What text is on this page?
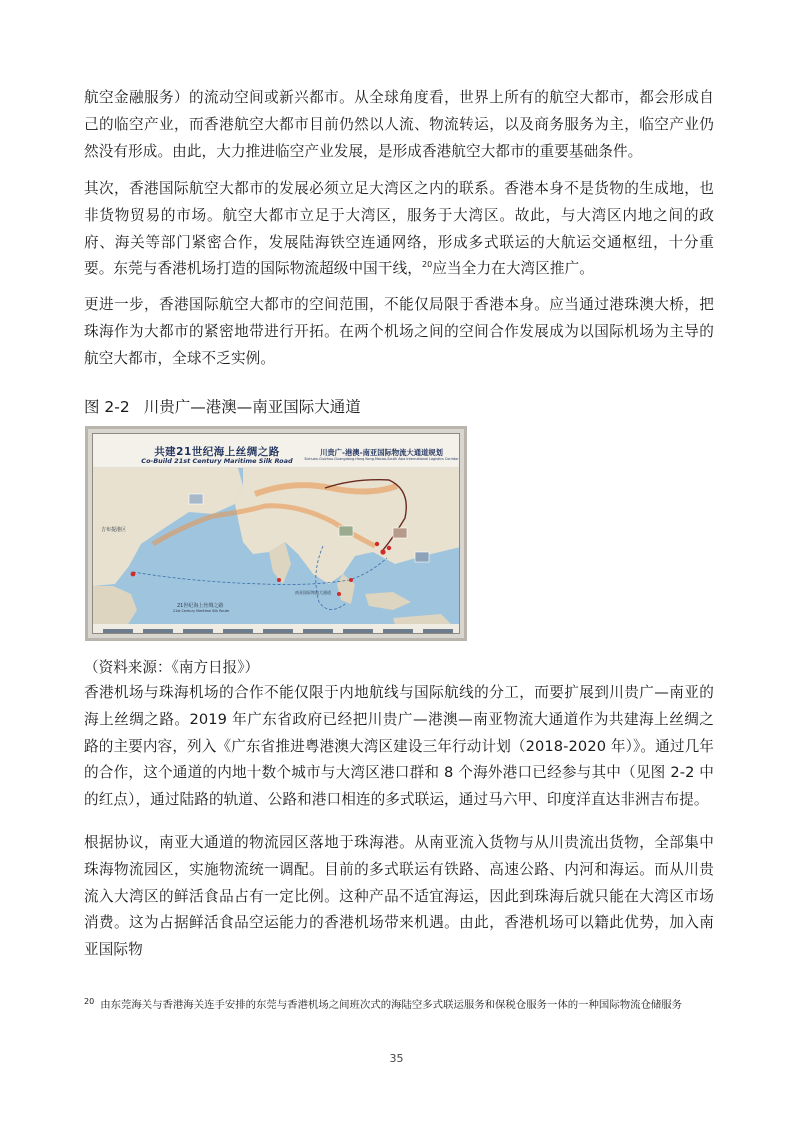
航空金融服务）的流动空间或新兴都市。从全球角度看，世界上所有的航空大都市，都会形成自己的临空产业，而香港航空大都市目前仍然以人流、物流转运，以及商务服务为主，临空产业仍然没有形成。由此，大力推进临空产业发展，是形成香港航空大都市的重要基础条件。

其次，香港国际航空大都市的发展必须立足大湾区之内的联系。香港本身不是货物的生成地，也非货物贸易的市场。航空大都市立足于大湾区，服务于大湾区。故此，与大湾区内地之间的政府、海关等部门紧密合作，发展陆海铁空连通网络，形成多式联运的大航运交通枢纽，十分重要。东莞与香港机场打造的国际物流超级中国干线，$^{20}$应当全力在大湾区推广。

更进一步，香港国际航空大都市的空间范围，不能仅局限于香港本身。应当通过港珠澳大桥，把珠海作为大都市的紧密地带进行开拓。在两个机场之间的空间合作发展成为以国际机场为主导的航空大都市，全球不乏实例。

图 2-2 川贵广—港澳—南亚国际大通道

共建21世纪海上丝绸之路
Co-Build 21st Century Maritime Silk Road
川贵广-港澳-南亚国际物流大通道规划
Sichuan-Guizhou-Guangdong-Hong Kong-Macao-South Asia International Logistics Corridor
吉布提港区
21世纪海上丝绸之路
21st Century Maritime Silk Route
南亚国际物流大通道

（资料来源：《南方日报》）

香港机场与珠海机场的合作不能仅限于内地航线与国际航线的分工，而要扩展到川贵广—南亚的海上丝绸之路。2019 年广东省政府已经把川贵广—港澳—南亚物流大通道作为共建海上丝绸之路的主要内容，列入《广东省推进粤港澳大湾区建设三年行动计划（2018-2020 年）》。通过几年的合作，这个通道的内地十数个城市与大湾区港口群和 8 个海外港口已经参与其中（见图 2-2 中的红点），通过陆路的轨道、公路和港口相连的多式联运，通过马六甲、印度洋直达非洲吉布提。

根据协议，南亚大通道的物流园区落地于珠海港。从南亚流入货物与从川贵流出货物，全部集中珠海物流园区，实施物流统一调配。目前的多式联运有铁路、高速公路、内河和海运。而从川贵流入大湾区的鲜活食品占有一定比例。这种产品不适宜海运，因此到珠海后就只能在大湾区市场消费。这为占据鲜活食品空运能力的香港机场带来机遇。由此，香港机场可以籍此优势，加入南亚国际物

$^{20}$ 由东莞海关与香港海关连手安排的东莞与香港机场之间班次式的海陆空多式联运服务和保税仓服务一体的一种国际物流仓储服务

35
